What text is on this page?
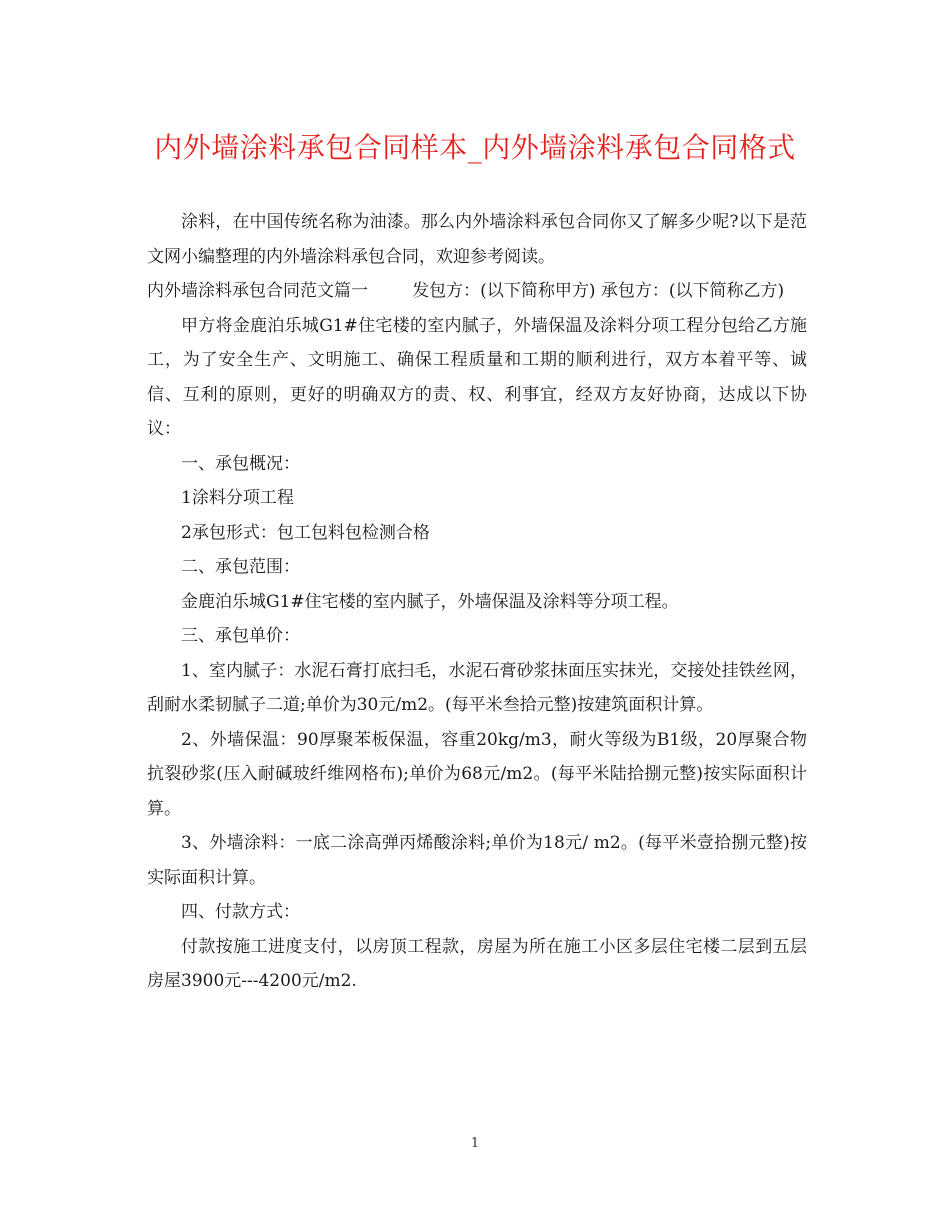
内外墙涂料承包合同样本_内外墙涂料承包合同格式

涂料，在中国传统名称为油漆。那么内外墙涂料承包合同你又了解多少呢?以下是范文网小编整理的内外墙涂料承包合同，欢迎参考阅读。

内外墙涂料承包合同范文篇一	发包方：(以下简称甲方) 承包方：(以下简称乙方)

甲方将金鹿泊乐城G1#住宅楼的室内腻子，外墙保温及涂料分项工程分包给乙方施工，为了安全生产、文明施工、确保工程质量和工期的顺利进行，双方本着平等、诚信、互利的原则，更好的明确双方的责、权、利事宜，经双方友好协商，达成以下协议：

一、承包概况：

1涂料分项工程

2承包形式：包工包料包检测合格

二、承包范围：

金鹿泊乐城G1#住宅楼的室内腻子，外墙保温及涂料等分项工程。

三、承包单价：

1、室内腻子：水泥石膏打底扫毛，水泥石膏砂浆抹面压实抹光，交接处挂铁丝网，刮耐水柔韧腻子二道;单价为30元/m2。(每平米叁拾元整)按建筑面积计算。

2、外墙保温：90厚聚苯板保温，容重20kg/m3，耐火等级为B1级，20厚聚合物抗裂砂浆(压入耐碱玻纤维网格布);单价为68元/m2。(每平米陆拾捌元整)按实际面积计算。

3、外墙涂料：一底二涂高弹丙烯酸涂料;单价为18元/ m2。(每平米壹拾捌元整)按实际面积计算。

四、付款方式：

付款按施工进度支付，以房顶工程款，房屋为所在施工小区多层住宅楼二层到五层房屋3900元---4200元/m2.

1
